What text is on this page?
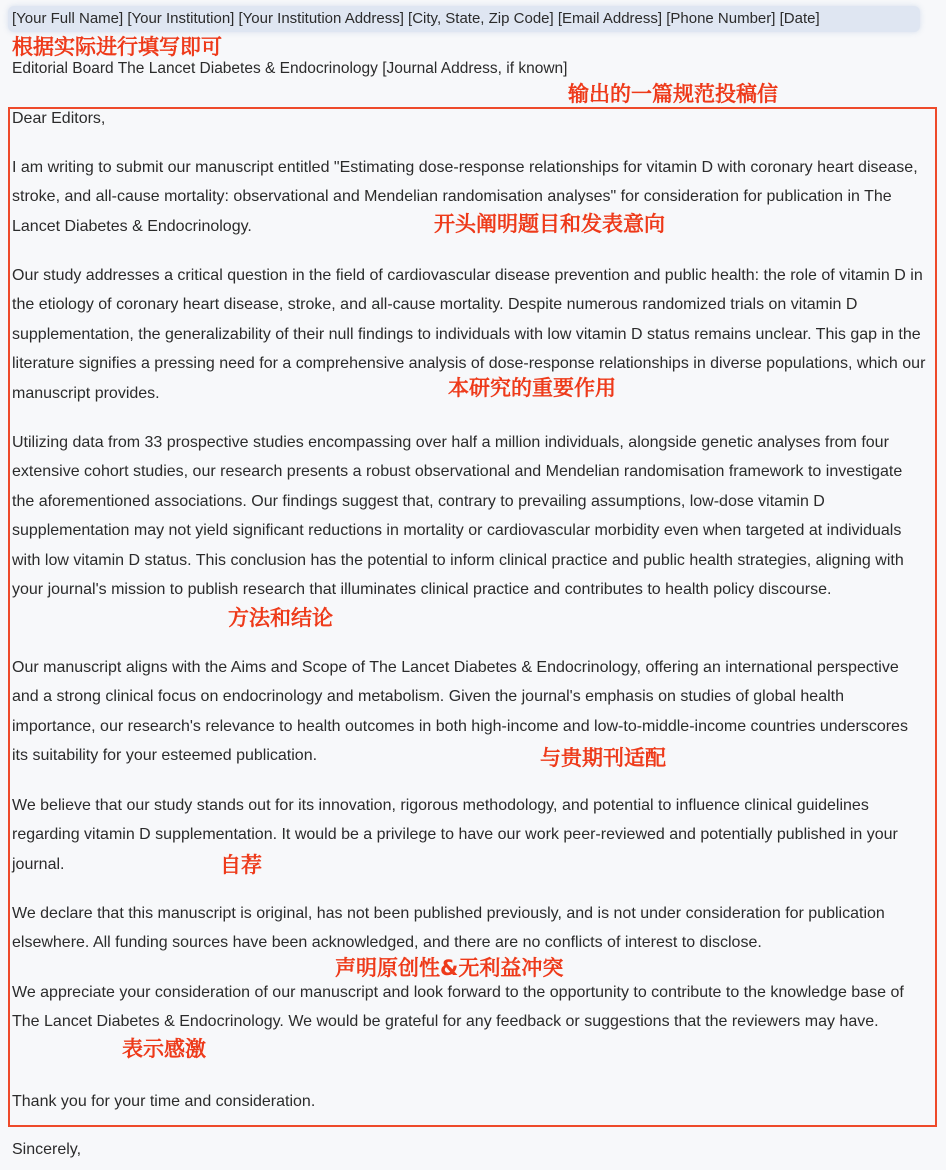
[Your Full Name] [Your Institution] [Your Institution Address] [City, State, Zip Code] [Email Address] [Phone Number] [Date]
根据实际进行填写即可
Editorial Board The Lancet Diabetes & Endocrinology [Journal Address, if known]
输出的一篇规范投稿信

Dear Editors,

I am writing to submit our manuscript entitled "Estimating dose-response relationships for vitamin D with coronary heart disease, stroke, and all-cause mortality: observational and Mendelian randomisation analyses" for consideration for publication in The Lancet Diabetes & Endocrinology.	开头阐明题目和发表意向

Our study addresses a critical question in the field of cardiovascular disease prevention and public health: the role of vitamin D in the etiology of coronary heart disease, stroke, and all-cause mortality. Despite numerous randomized trials on vitamin D supplementation, the generalizability of their null findings to individuals with low vitamin D status remains unclear. This gap in the literature signifies a pressing need for a comprehensive analysis of dose-response relationships in diverse populations, which our manuscript provides.	本研究的重要作用

Utilizing data from 33 prospective studies encompassing over half a million individuals, alongside genetic analyses from four extensive cohort studies, our research presents a robust observational and Mendelian randomisation framework to investigate the aforementioned associations. Our findings suggest that, contrary to prevailing assumptions, low-dose vitamin D supplementation may not yield significant reductions in mortality or cardiovascular morbidity even when targeted at individuals with low vitamin D status. This conclusion has the potential to inform clinical practice and public health strategies, aligning with your journal's mission to publish research that illuminates clinical practice and contributes to health policy discourse.

方法和结论

Our manuscript aligns with the Aims and Scope of The Lancet Diabetes & Endocrinology, offering an international perspective and a strong clinical focus on endocrinology and metabolism. Given the journal's emphasis on studies of global health importance, our research's relevance to health outcomes in both high-income and low-to-middle-income countries underscores its suitability for your esteemed publication.	与贵期刊适配

We believe that our study stands out for its innovation, rigorous methodology, and potential to influence clinical guidelines regarding vitamin D supplementation. It would be a privilege to have our work peer-reviewed and potentially published in your journal.	自荐

We declare that this manuscript is original, has not been published previously, and is not under consideration for publication elsewhere. All funding sources have been acknowledged, and there are no conflicts of interest to disclose.

声明原创性&无利益冲突

We appreciate your consideration of our manuscript and look forward to the opportunity to contribute to the knowledge base of The Lancet Diabetes & Endocrinology. We would be grateful for any feedback or suggestions that the reviewers may have.

表示感激

Thank you for your time and consideration.

Sincerely,
